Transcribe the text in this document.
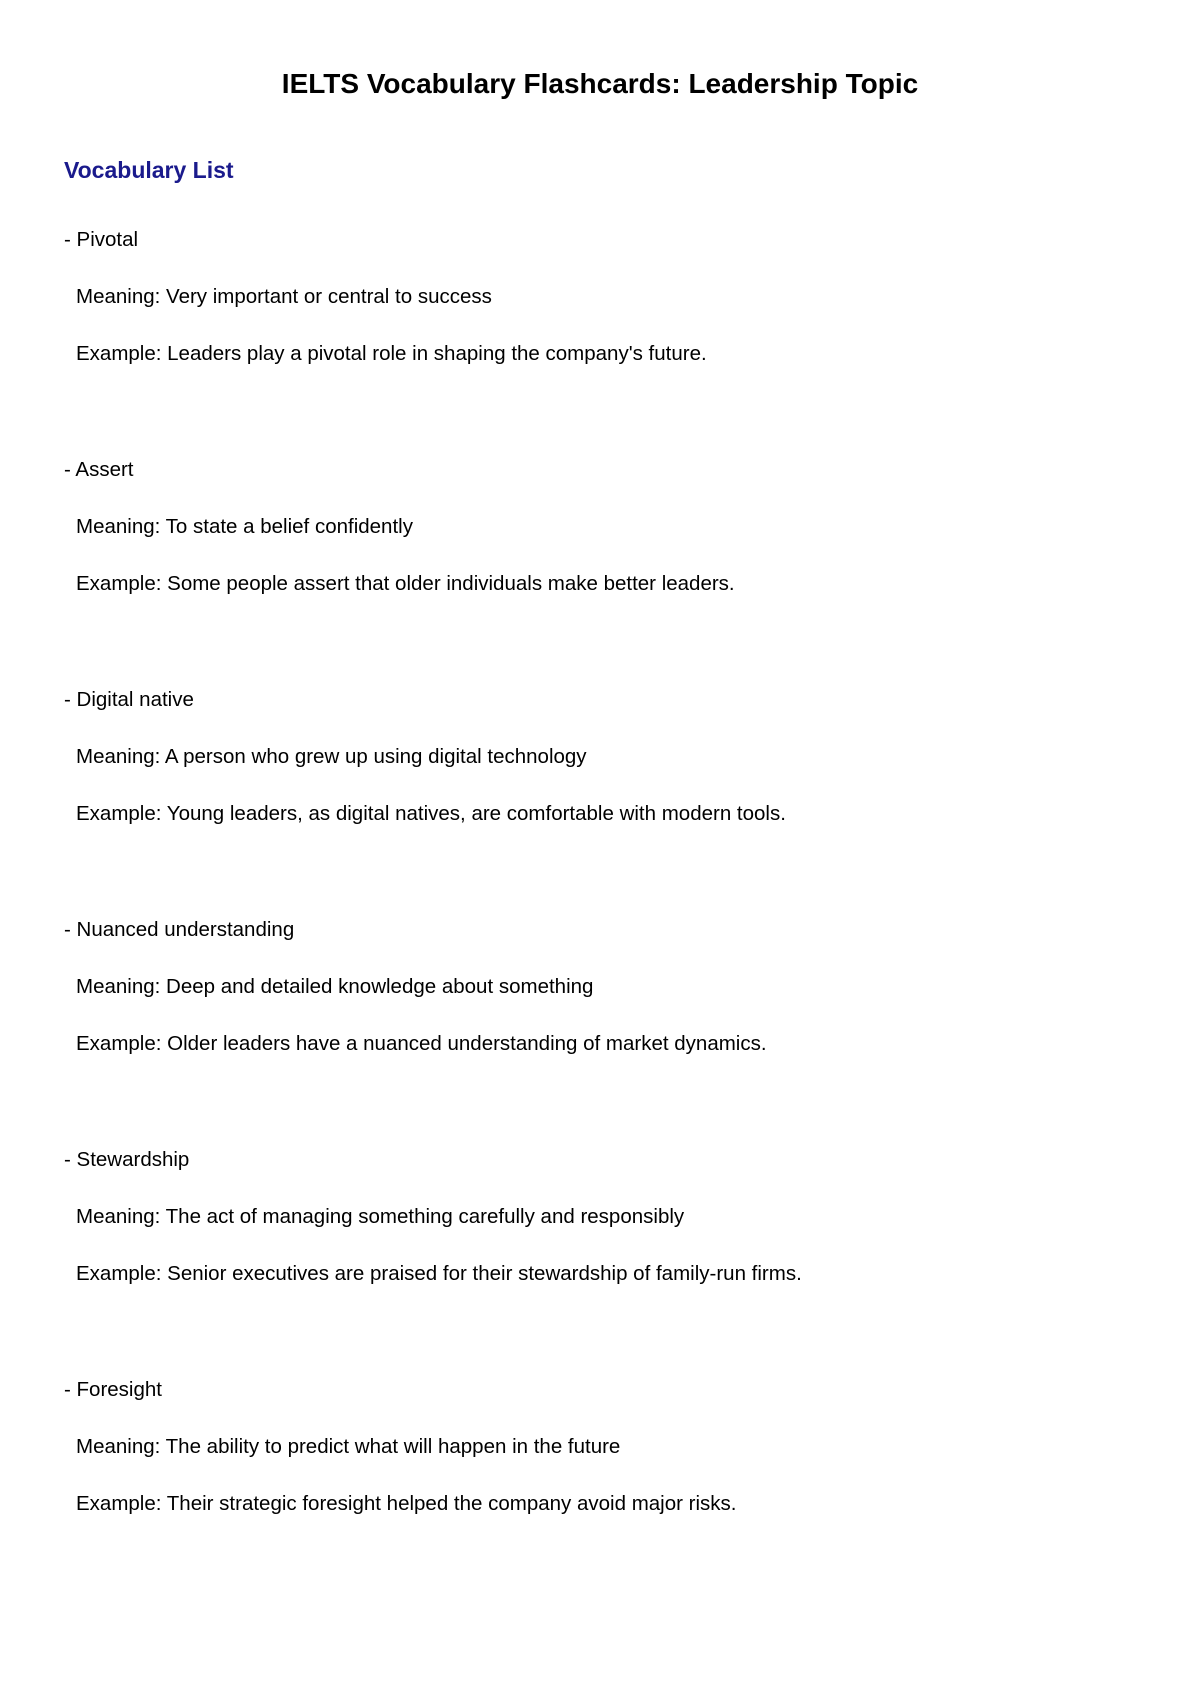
IELTS Vocabulary Flashcards: Leadership Topic
Vocabulary List
- Pivotal
Meaning: Very important or central to success
Example: Leaders play a pivotal role in shaping the company's future.
- Assert
Meaning: To state a belief confidently
Example: Some people assert that older individuals make better leaders.
- Digital native
Meaning: A person who grew up using digital technology
Example: Young leaders, as digital natives, are comfortable with modern tools.
- Nuanced understanding
Meaning: Deep and detailed knowledge about something
Example: Older leaders have a nuanced understanding of market dynamics.
- Stewardship
Meaning: The act of managing something carefully and responsibly
Example: Senior executives are praised for their stewardship of family-run firms.
- Foresight
Meaning: The ability to predict what will happen in the future
Example: Their strategic foresight helped the company avoid major risks.
